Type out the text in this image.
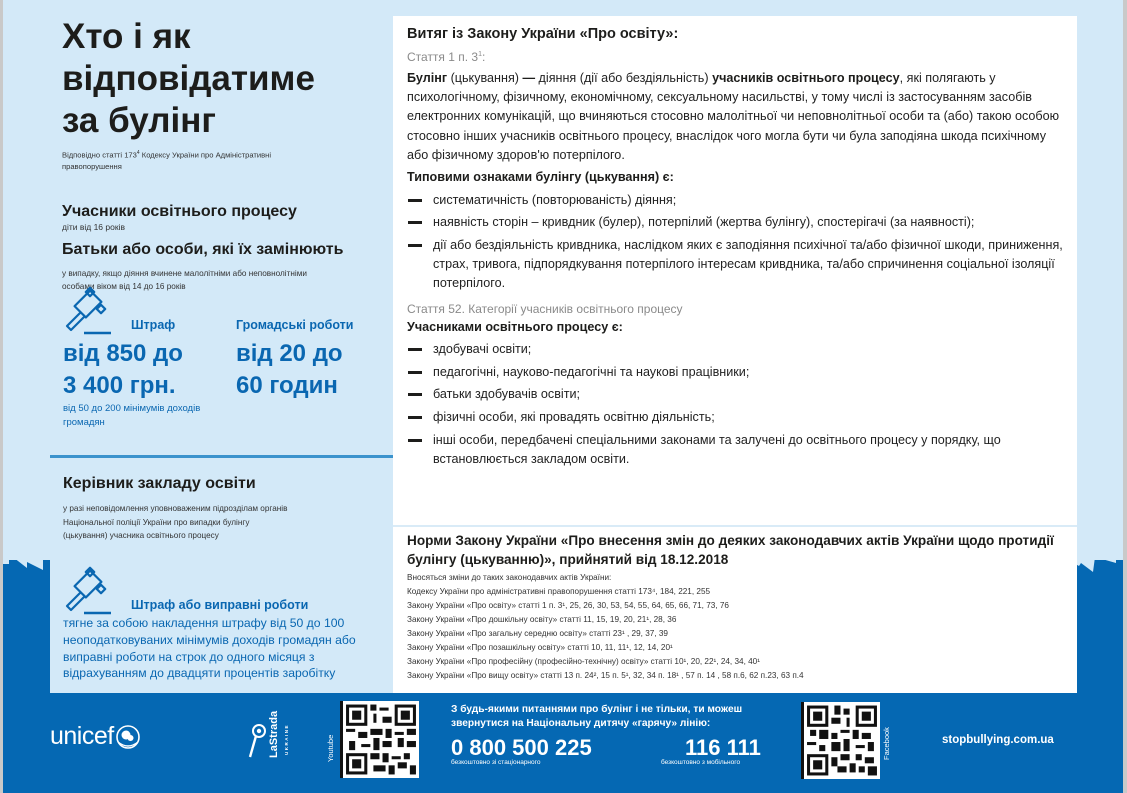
Хто і як
відповідатиме
за булінг
Відповідно статті $173^4$ Кодексу України про Адміністративні правопорушення
Учасники освітнього процесу
діти від 16 років
Батьки або особи, які їх замінюють
у випадку, якщо діяння вчинене малолітніми або неповнолітніми особами віком від 14 до 16 років
Штраф
від 850 до
3 400 грн.
від 50 до 200 мінімумів доходів громадян
Громадські роботи
від 20 до
60 годин
Керівник закладу освіти
у разі неповідомлення уповноваженим підрозділам органів Національної поліції України про випадки булінгу (цькування) учасника освітнього процесу
Штраф або виправні роботи
тягне за собою накладення штрафу від 50 до 100 неоподатковуваних мінімумів доходів громадян або виправні роботи на строк до одного місяця з відрахуванням до двадцяти процентів заробітку
Витяг із Закону України «Про освіту»:
Стаття 1 п. $3^1$:
Булінг (цькування) — діяння (дії або бездіяльність) учасників освітнього процесу, які полягають у психологічному, фізичному, економічному, сексуальному насильстві, у тому числі із застосуванням засобів електронних комунікацій, що вчиняються стосовно малолітньої чи неповнолітньої особи та (або) такою особою стосовно інших учасників освітнього процесу, внаслідок чого могла бути чи була заподіяна шкода психічному або фізичному здоров'ю потерпілого.
Типовими ознаками булінгу (цькування) є:
систематичність (повторюваність) діяння;
наявність сторін – кривдник (булер), потерпілий (жертва булінгу), спостерігачі (за наявності);
дії або бездіяльність кривдника, наслідком яких є заподіяння психічної та/або фізичної шкоди, приниження, страх, тривога, підпорядкування потерпілого інтересам кривдника, та/або спричинення соціальної ізоляції потерпілого.
Стаття 52. Категорії учасників освітнього процесу
Учасниками освітнього процесу є:
здобувачі освіти;
педагогічні, науково-педагогічні та наукові працівники;
батьки здобувачів освіти;
фізичні особи, які провадять освітню діяльність;
інші особи, передбачені спеціальними законами та залучені до освітнього процесу у порядку, що встановлюється закладом освіти.
Норми Закону України «Про внесення змін до деяких законодавчих актів України щодо протидії булінгу (цькуванню)», прийнятий від 18.12.2018
Вносяться зміни до таких законодавчих актів України:
Кодексу України про адміністративні правопорушення статті 173⁴, 184, 221, 255
Закону України «Про освіту» статті 1 п. 3¹, 25, 26, 30, 53, 54, 55, 64, 65, 66, 71, 73, 76
Закону України «Про дошкільну освіту» статті 11, 15, 19, 20, 21¹, 28, 36
Закону України «Про загальну середню освіту» статті 23¹ , 29, 37, 39
Закону України «Про позашкільну освіту» статті 10, 11, 11¹, 12, 14, 20¹
Закону України «Про професійну (професійно-технічну) освіту» статті 10¹, 20, 22¹, 24, 34, 40¹
Закону України «Про вищу освіту» статті 13 п. 24², 15 п. 5¹, 32, 34 п. 18¹ , 57 п. 14 , 58 п.6, 62 п.23, 63 п.4
unicef	LaStrada UKRAINE	Youtube
З будь-якими питаннями про булінг і не тільки, ти можеш звернутися на Національну дитячу «гарячу» лінію:
0 800 500 225
безкоштовно зі стаціонарного
116 111
безкоштовно з мобільного
Facebook	stopbullying.com.ua
